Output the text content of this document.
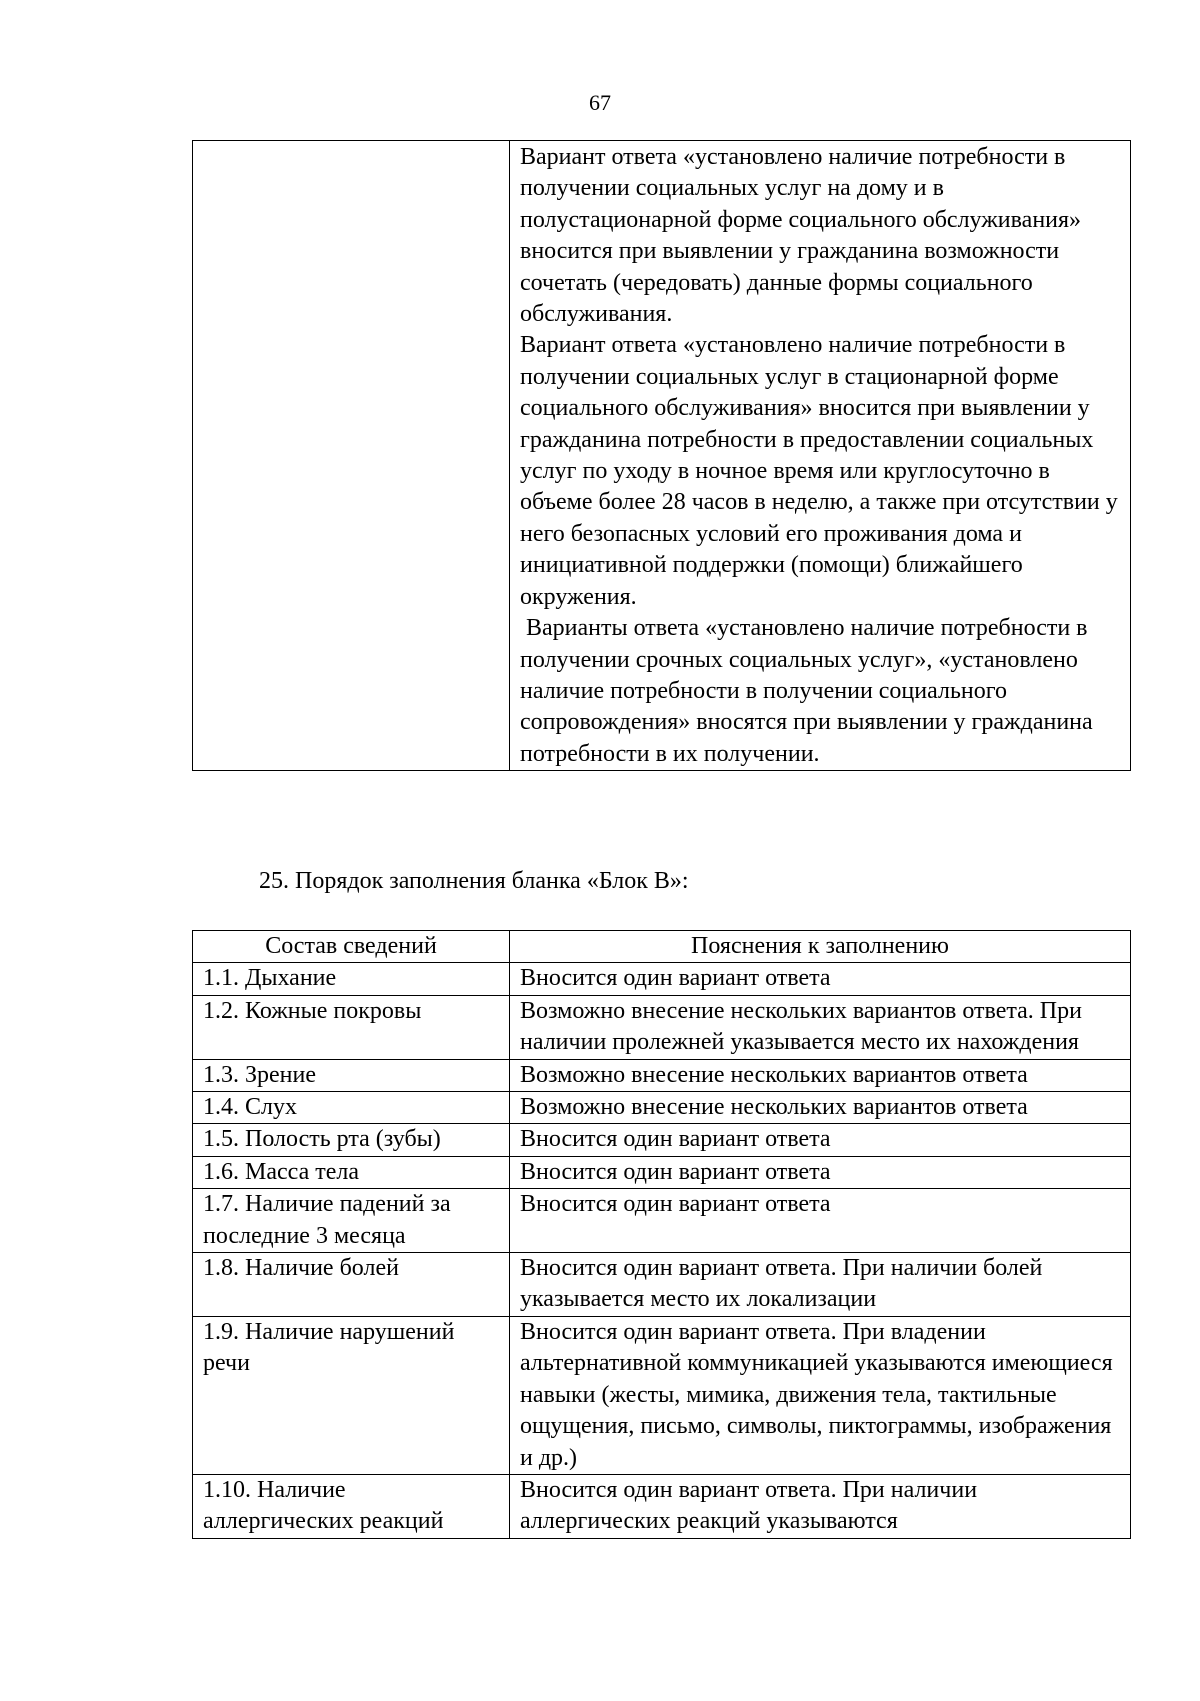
67

Вариант ответа «установлено наличие потребности в получении социальных услуг на дому и в полустационарной форме социального обслуживания» вносится при выявлении у гражданина возможности сочетать (чередовать) данные формы социального обслуживания.

Вариант ответа «установлено наличие потребности в получении социальных услуг в стационарной форме социального обслуживания» вносится при выявлении у гражданина потребности в предоставлении социальных услуг по уходу в ночное время или круглосуточно в объеме более 28 часов в неделю, а также при отсутствии у него безопасных условий его проживания дома и инициативной поддержки (помощи) ближайшего окружения.

Варианты ответа «установлено наличие потребности в получении срочных социальных услуг», «установлено наличие потребности в получении социального сопровождения» вносятся при выявлении у гражданина потребности в их получении.

25. Порядок заполнения бланка «Блок В»:
Состав сведений	Пояснения к заполнению
1.1. Дыхание	Вносится один вариант ответа
1.2. Кожные покровы	Возможно внесение нескольких вариантов ответа. При наличии пролежней указывается место их нахождения
1.3. Зрение	Возможно внесение нескольких вариантов ответа
1.4. Слух	Возможно внесение нескольких вариантов ответа
1.5. Полость рта (зубы)	Вносится один вариант ответа
1.6. Масса тела	Вносится один вариант ответа
1.7. Наличие падений за последние 3 месяца	Вносится один вариант ответа
1.8. Наличие болей	Вносится один вариант ответа. При наличии болей указывается место их локализации
1.9. Наличие нарушений речи	Вносится один вариант ответа. При владении альтернативной коммуникацией указываются имеющиеся навыки (жесты, мимика, движения тела, тактильные ощущения, письмо, символы, пиктограммы, изображения и др.)
1.10. Наличие аллергических реакций	Вносится один вариант ответа. При наличии аллергических реакций указываются
